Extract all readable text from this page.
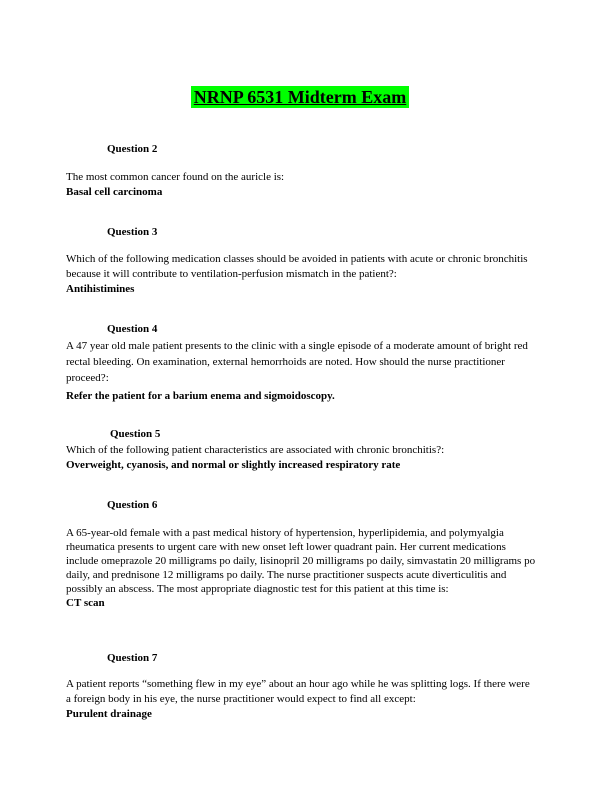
NRNP 6531 Midterm Exam
Question 2
The most common cancer found on the auricle is:
Basal cell carcinoma
Question 3
Which of the following medication classes should be avoided in patients with acute or chronic bronchitis because it will contribute to ventilation-perfusion mismatch in the patient?:
Antihistimines
Question 4
A 47 year old male patient presents to the clinic with a single episode of a moderate amount of bright red rectal bleeding. On examination, external hemorrhoids are noted. How should the nurse practitioner proceed?:
Refer the patient for a barium enema and sigmoidoscopy.
Question 5
Which of the following patient characteristics are associated with chronic bronchitis?:
Overweight, cyanosis, and normal or slightly increased respiratory rate
Question 6
A 65-year-old female with a past medical history of hypertension, hyperlipidemia, and polymyalgia rheumatica presents to urgent care with new onset left lower quadrant pain. Her current medications include omeprazole 20 milligrams po daily, lisinopril 20 milligrams po daily, simvastatin 20 milligrams po daily, and prednisone 12 milligrams po daily. The nurse practitioner suspects acute diverticulitis and possibly an abscess. The most appropriate diagnostic test for this patient at this time is:
CT scan
Question 7
A patient reports “something flew in my eye” about an hour ago while he was splitting logs. If there were a foreign body in his eye, the nurse practitioner would expect to find all except:
Purulent drainage
